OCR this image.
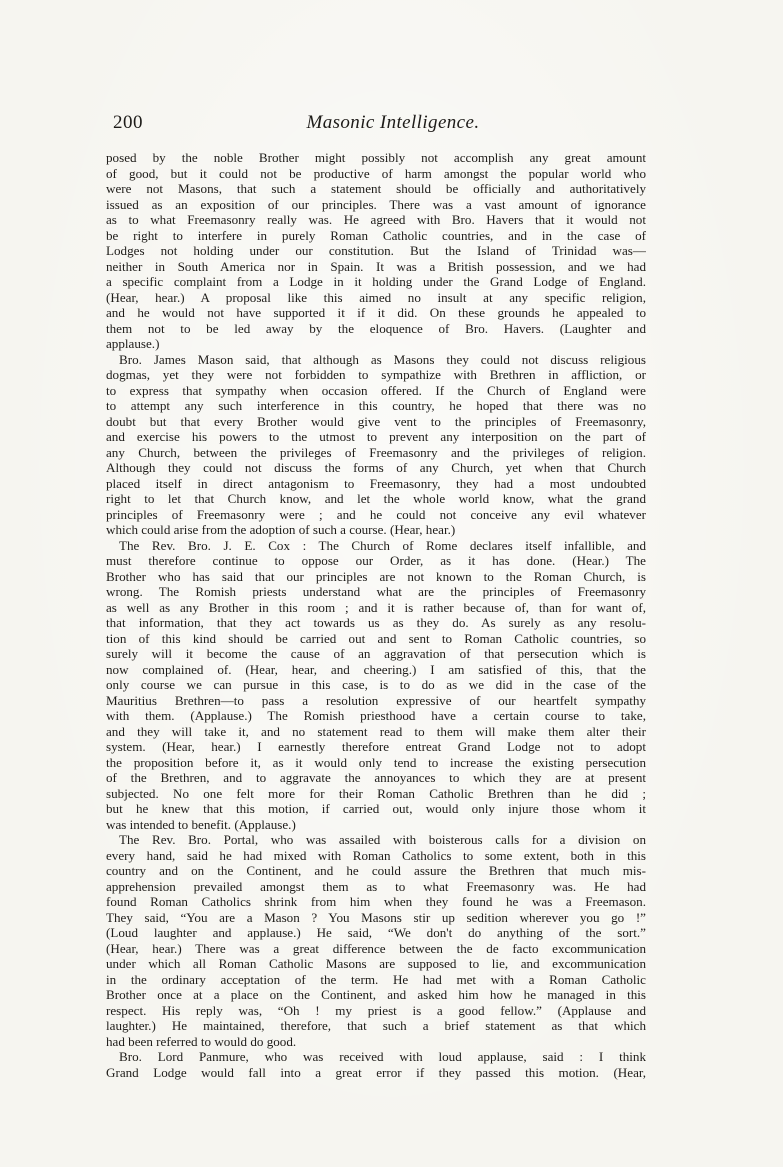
200	Masonic Intelligence.
posed by the noble Brother might possibly not accomplish any great amount
of good, but it could not be productive of harm amongst the popular world who
were not Masons, that such a statement should be officially and authoritatively
issued as an exposition of our principles. There was a vast amount of ignorance
as to what Freemasonry really was. He agreed with Bro. Havers that it would not
be right to interfere in purely Roman Catholic countries, and in the case of
Lodges not holding under our constitution. But the Island of Trinidad was—
neither in South America nor in Spain. It was a British possession, and we had
a specific complaint from a Lodge in it holding under the Grand Lodge of England.
(Hear, hear.) A proposal like this aimed no insult at any specific religion,
and he would not have supported it if it did. On these grounds he appealed to
them not to be led away by the eloquence of Bro. Havers. (Laughter and
applause.)
Bro. James Mason said, that although as Masons they could not discuss religious
dogmas, yet they were not forbidden to sympathize with Brethren in affliction, or
to express that sympathy when occasion offered. If the Church of England were
to attempt any such interference in this country, he hoped that there was no
doubt but that every Brother would give vent to the principles of Freemasonry,
and exercise his powers to the utmost to prevent any interposition on the part of
any Church, between the privileges of Freemasonry and the privileges of religion.
Although they could not discuss the forms of any Church, yet when that Church
placed itself in direct antagonism to Freemasonry, they had a most undoubted
right to let that Church know, and let the whole world know, what the grand
principles of Freemasonry were ; and he could not conceive any evil whatever
which could arise from the adoption of such a course. (Hear, hear.)
The Rev. Bro. J. E. Cox : The Church of Rome declares itself infallible, and
must therefore continue to oppose our Order, as it has done. (Hear.) The
Brother who has said that our principles are not known to the Roman Church, is
wrong. The Romish priests understand what are the principles of Freemasonry
as well as any Brother in this room ; and it is rather because of, than for want of,
that information, that they act towards us as they do. As surely as any resolu-
tion of this kind should be carried out and sent to Roman Catholic countries, so
surely will it become the cause of an aggravation of that persecution which is
now complained of. (Hear, hear, and cheering.) I am satisfied of this, that the
only course we can pursue in this case, is to do as we did in the case of the
Mauritius Brethren—to pass a resolution expressive of our heartfelt sympathy
with them. (Applause.) The Romish priesthood have a certain course to take,
and they will take it, and no statement read to them will make them alter their
system. (Hear, hear.) I earnestly therefore entreat Grand Lodge not to adopt
the proposition before it, as it would only tend to increase the existing persecution
of the Brethren, and to aggravate the annoyances to which they are at present
subjected. No one felt more for their Roman Catholic Brethren than he did ;
but he knew that this motion, if carried out, would only injure those whom it
was intended to benefit. (Applause.)
The Rev. Bro. Portal, who was assailed with boisterous calls for a division on
every hand, said he had mixed with Roman Catholics to some extent, both in this
country and on the Continent, and he could assure the Brethren that much mis-
apprehension prevailed amongst them as to what Freemasonry was. He had
found Roman Catholics shrink from him when they found he was a Freemason.
They said, “You are a Mason ? You Masons stir up sedition wherever you go !”
(Loud laughter and applause.) He said, “We don't do anything of the sort.”
(Hear, hear.) There was a great difference between the de facto excommunication
under which all Roman Catholic Masons are supposed to lie, and excommunication
in the ordinary acceptation of the term. He had met with a Roman Catholic
Brother once at a place on the Continent, and asked him how he managed in this
respect. His reply was, “Oh ! my priest is a good fellow.” (Applause and
laughter.) He maintained, therefore, that such a brief statement as that which
had been referred to would do good.
Bro. Lord Panmure, who was received with loud applause, said : I think
Grand Lodge would fall into a great error if they passed this motion. (Hear,
